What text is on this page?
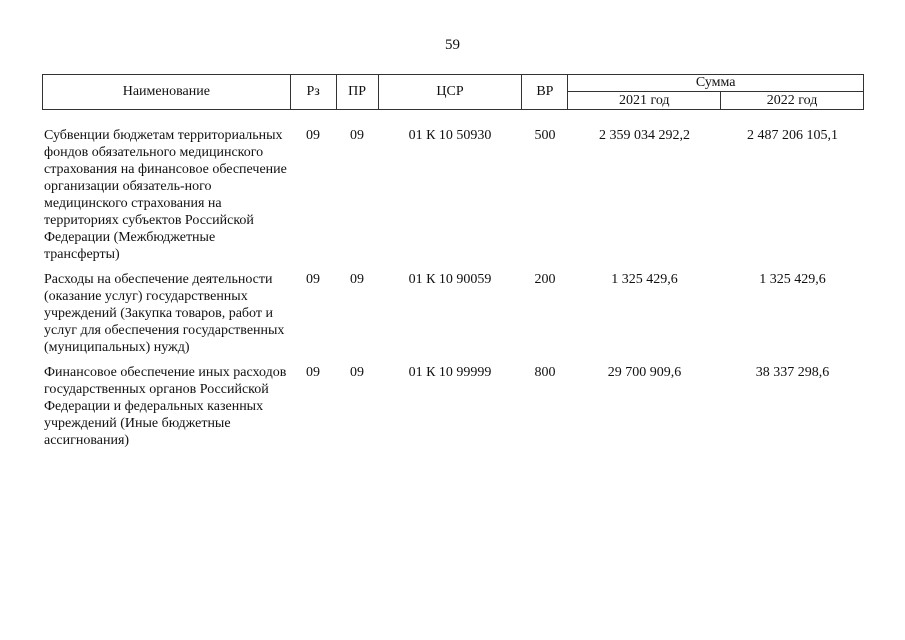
59
Наименование	Рз	ПР	ЦСР	ВР	Сумма	
					2021 год	2022 год
Субвенции бюджетам территориальных фондов обязательного медицинского страхования на финансовое обеспечение организации обязатель-ного медицинского страхования на территориях субъектов Российской Федерации (Межбюджетные трансферты)	09	09	01 К 10 50930	500	2 359 034 292,2	2 487 206 105,1
Расходы на обеспечение деятельности (оказание услуг) государственных учреждений (Закупка товаров, работ и услуг для обеспечения государственных (муниципальных) нужд)	09	09	01 К 10 90059	200	1 325 429,6	1 325 429,6
Финансовое обеспечение иных расходов государственных органов Российской Федерации и федеральных казенных учреждений (Иные бюджетные ассигнования)	09	09	01 К 10 99999	800	29 700 909,6	38 337 298,6
